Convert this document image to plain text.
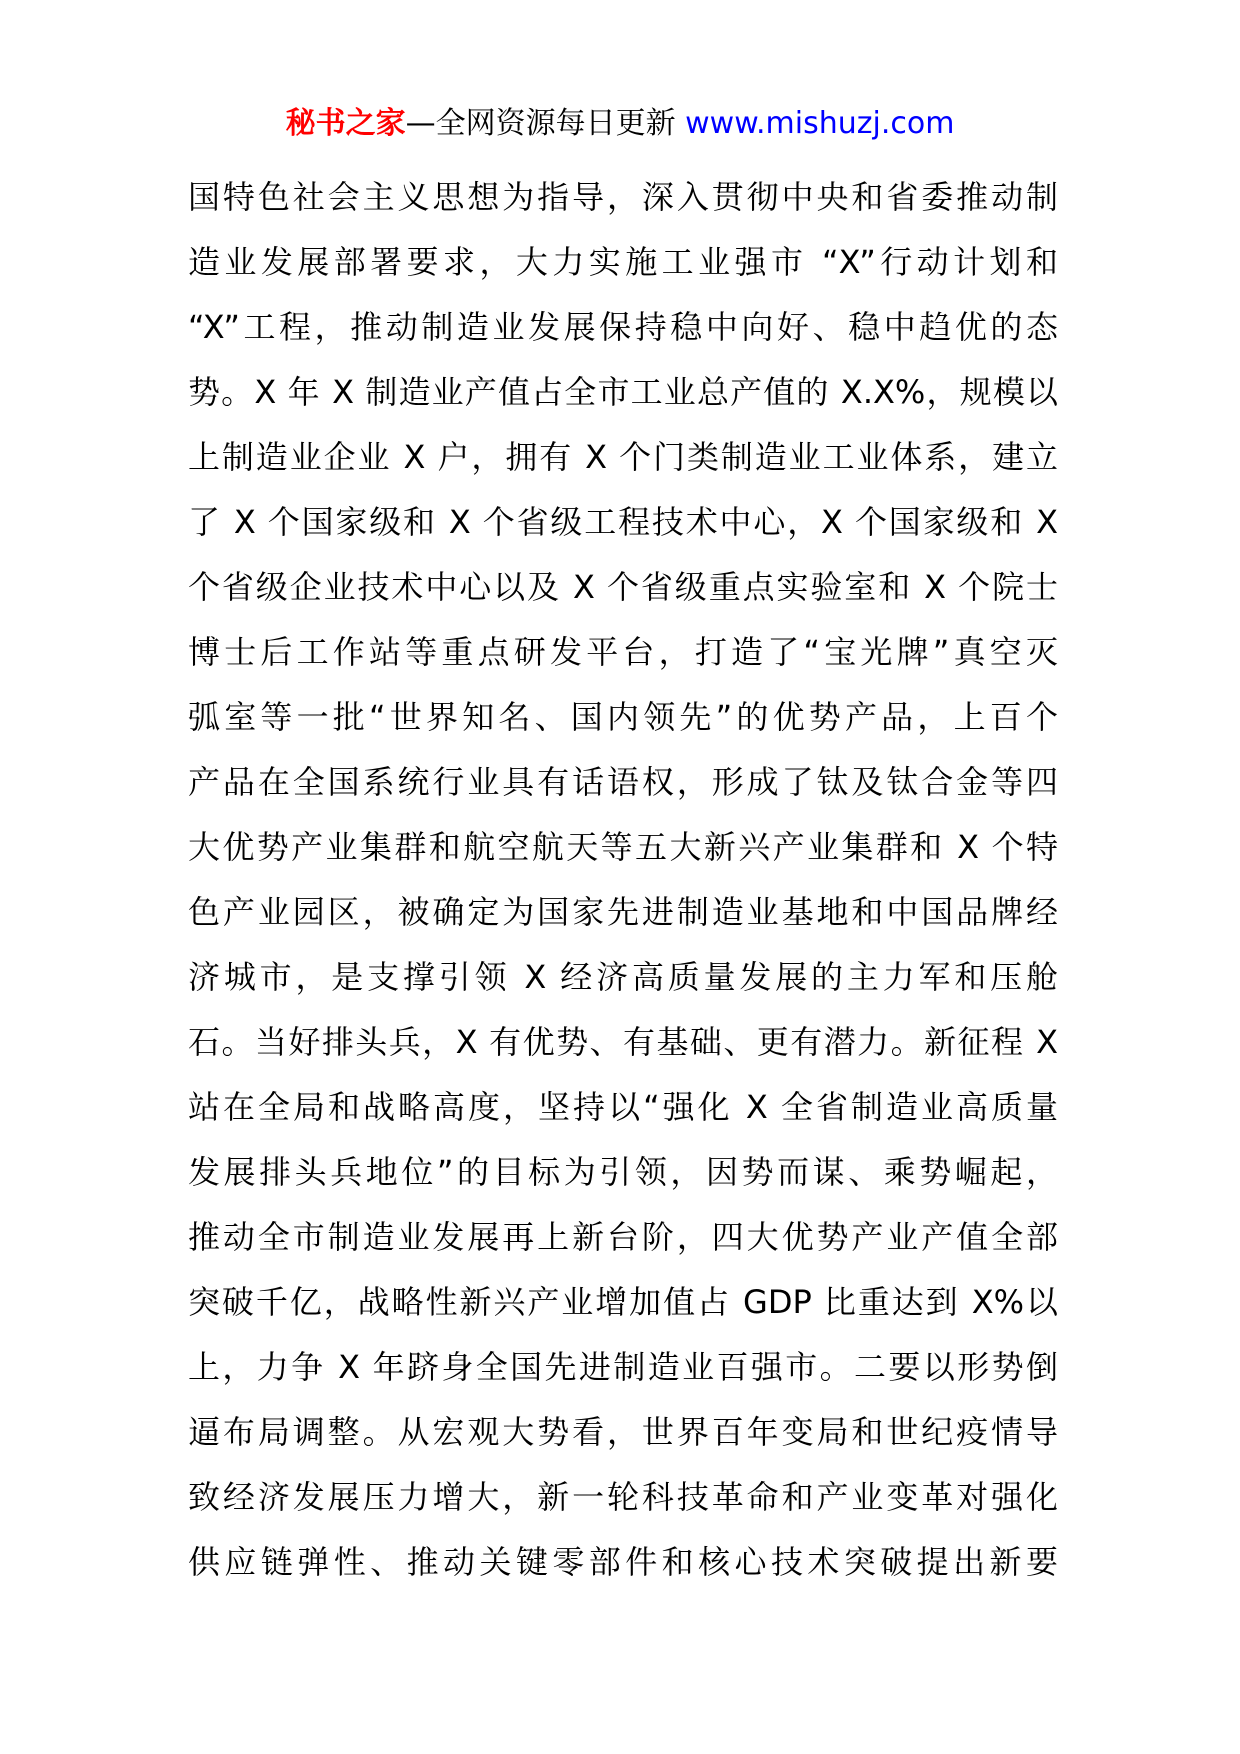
秘书之家—全网资源每日更新 www.mishuzj.com
国特色社会主义思想为指导，深入贯彻中央和省委推动制
造业发展部署要求，大力实施工业强市 “X”行动计划和
“X”工程，推动制造业发展保持稳中向好、稳中趋优的态
势。X 年 X 制造业产值占全市工业总产值的 X.X%，规模以
上制造业企业 X 户，拥有 X 个门类制造业工业体系，建立
了 X 个国家级和 X 个省级工程技术中心，X 个国家级和 X
个省级企业技术中心以及 X 个省级重点实验室和 X 个院士
博士后工作站等重点研发平台，打造了“宝光牌”真空灭
弧室等一批“世界知名、国内领先”的优势产品，上百个
产品在全国系统行业具有话语权，形成了钛及钛合金等四
大优势产业集群和航空航天等五大新兴产业集群和 X 个特
色产业园区，被确定为国家先进制造业基地和中国品牌经
济城市，是支撑引领 X 经济高质量发展的主力军和压舱
石。当好排头兵，X 有优势、有基础、更有潜力。新征程 X
站在全局和战略高度，坚持以“强化 X 全省制造业高质量
发展排头兵地位”的目标为引领，因势而谋、乘势崛起，
推动全市制造业发展再上新台阶，四大优势产业产值全部
突破千亿，战略性新兴产业增加值占 GDP 比重达到 X%以
上，力争 X 年跻身全国先进制造业百强市。二要以形势倒
逼布局调整。从宏观大势看，世界百年变局和世纪疫情导
致经济发展压力增大，新一轮科技革命和产业变革对强化
供应链弹性、推动关键零部件和核心技术突破提出新要
